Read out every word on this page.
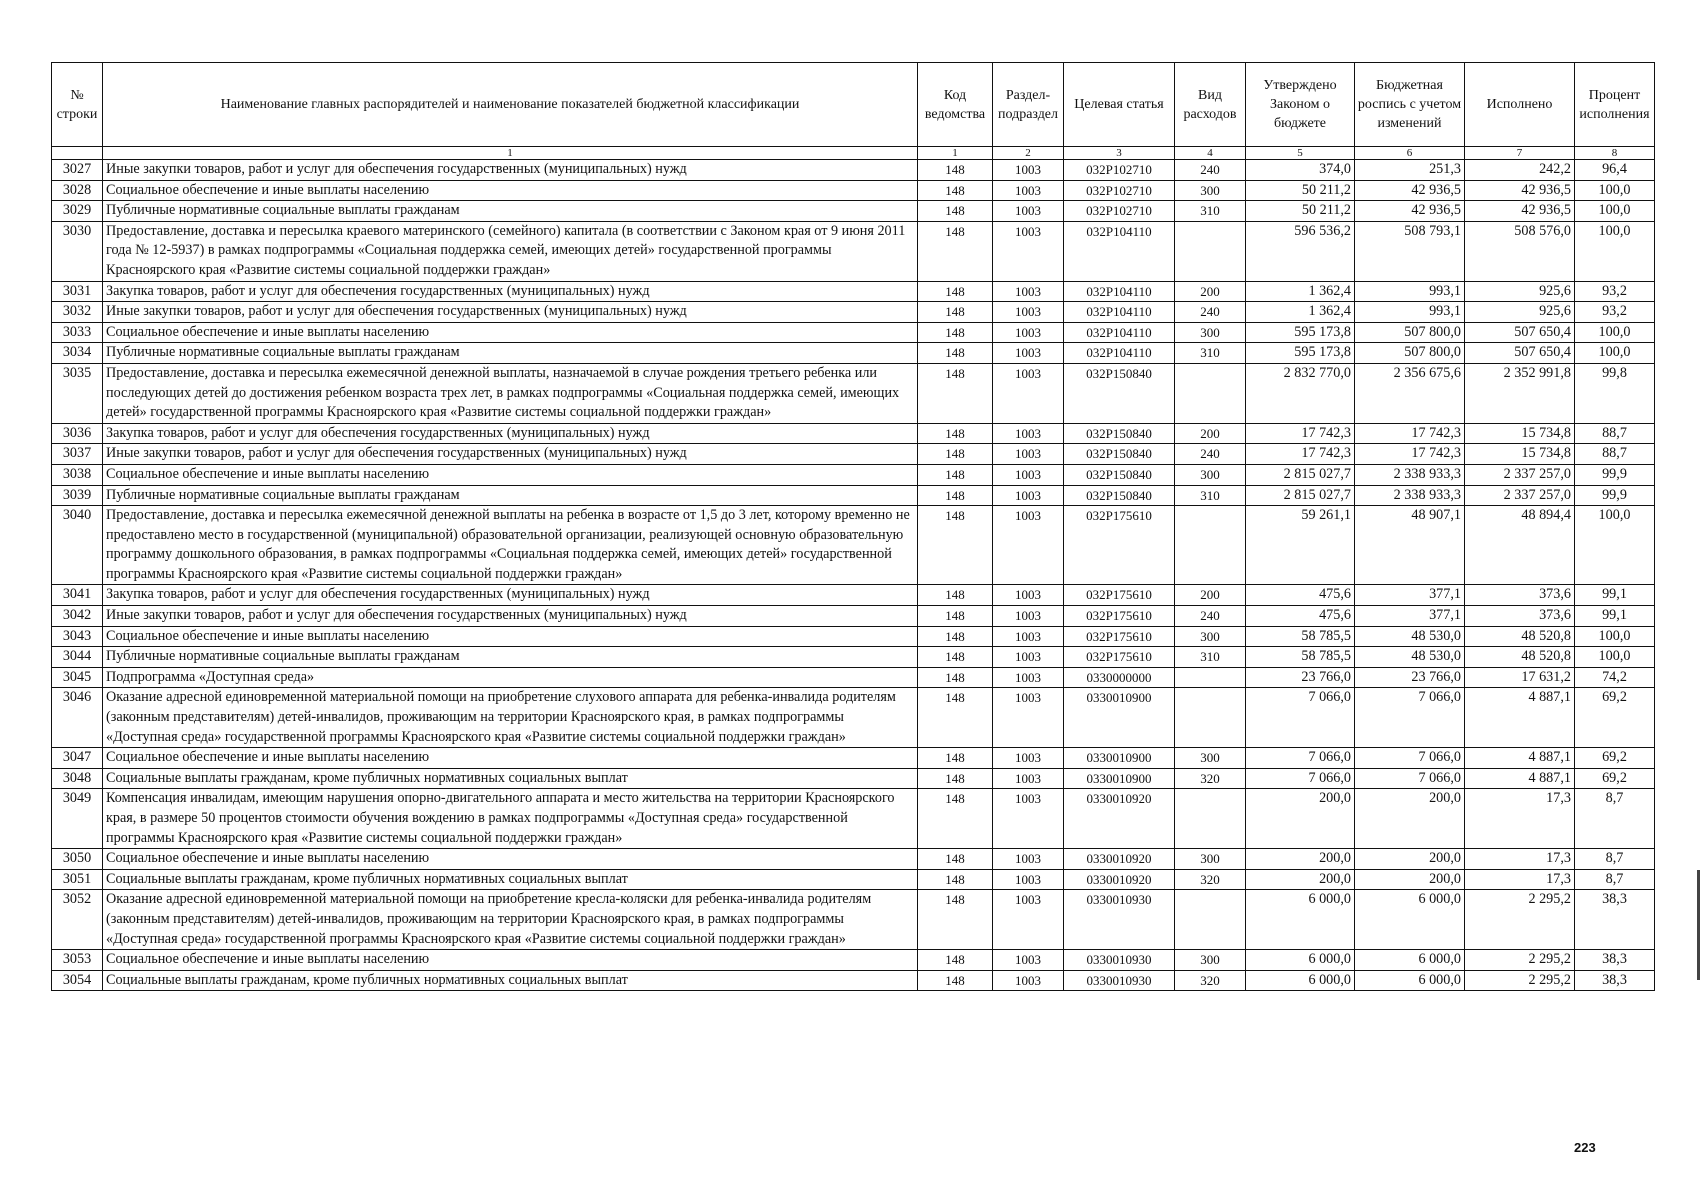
№ строки	Наименование главных распорядителей и наименование показателей бюджетной классификации	Код ведомства	Раздел-подраздел	Целевая статья	Вид расходов	Утверждено Законом о бюджете	Бюджетная роспись с учетом изменений	Исполнено	Процент исполнения
	1	1	2	3	4	5	6	7	8
3027	Иные закупки товаров, работ и услуг для обеспечения государственных (муниципальных) нужд	148	1003	032P102710	240	374,0	251,3	242,2	96,4
3028	Социальное обеспечение и иные выплаты населению	148	1003	032P102710	300	50 211,2	42 936,5	42 936,5	100,0
3029	Публичные нормативные социальные выплаты гражданам	148	1003	032P102710	310	50 211,2	42 936,5	42 936,5	100,0
3030	Предоставление, доставка и пересылка краевого материнского (семейного) капитала (в соответствии с Законом края от 9 июня 2011 года № 12-5937) в рамках подпрограммы «Социальная поддержка семей, имеющих детей» государственной программы Красноярского края «Развитие системы социальной поддержки граждан»	148	1003	032P104110		596 536,2	508 793,1	508 576,0	100,0
3031	Закупка товаров, работ и услуг для обеспечения государственных (муниципальных) нужд	148	1003	032P104110	200	1 362,4	993,1	925,6	93,2
3032	Иные закупки товаров, работ и услуг для обеспечения государственных (муниципальных) нужд	148	1003	032P104110	240	1 362,4	993,1	925,6	93,2
3033	Социальное обеспечение и иные выплаты населению	148	1003	032P104110	300	595 173,8	507 800,0	507 650,4	100,0
3034	Публичные нормативные социальные выплаты гражданам	148	1003	032P104110	310	595 173,8	507 800,0	507 650,4	100,0
3035	Предоставление, доставка и пересылка ежемесячной денежной выплаты, назначаемой в случае рождения третьего ребенка или последующих детей до достижения ребенком возраста трех лет, в рамках подпрограммы «Социальная поддержка семей, имеющих детей» государственной программы Красноярского края «Развитие системы социальной поддержки граждан»	148	1003	032P150840		2 832 770,0	2 356 675,6	2 352 991,8	99,8
3036	Закупка товаров, работ и услуг для обеспечения государственных (муниципальных) нужд	148	1003	032P150840	200	17 742,3	17 742,3	15 734,8	88,7
3037	Иные закупки товаров, работ и услуг для обеспечения государственных (муниципальных) нужд	148	1003	032P150840	240	17 742,3	17 742,3	15 734,8	88,7
3038	Социальное обеспечение и иные выплаты населению	148	1003	032P150840	300	2 815 027,7	2 338 933,3	2 337 257,0	99,9
3039	Публичные нормативные социальные выплаты гражданам	148	1003	032P150840	310	2 815 027,7	2 338 933,3	2 337 257,0	99,9
3040	Предоставление, доставка и пересылка ежемесячной денежной выплаты на ребенка в возрасте от 1,5 до 3 лет, которому временно не предоставлено место в государственной (муниципальной) образовательной организации, реализующей основную образовательную программу дошкольного образования, в рамках подпрограммы «Социальная поддержка семей, имеющих детей» государственной программы Красноярского края «Развитие системы социальной поддержки граждан»	148	1003	032P175610		59 261,1	48 907,1	48 894,4	100,0
3041	Закупка товаров, работ и услуг для обеспечения государственных (муниципальных) нужд	148	1003	032P175610	200	475,6	377,1	373,6	99,1
3042	Иные закупки товаров, работ и услуг для обеспечения государственных (муниципальных) нужд	148	1003	032P175610	240	475,6	377,1	373,6	99,1
3043	Социальное обеспечение и иные выплаты населению	148	1003	032P175610	300	58 785,5	48 530,0	48 520,8	100,0
3044	Публичные нормативные социальные выплаты гражданам	148	1003	032P175610	310	58 785,5	48 530,0	48 520,8	100,0
3045	Подпрограмма «Доступная среда»	148	1003	0330000000		23 766,0	23 766,0	17 631,2	74,2
3046	Оказание адресной единовременной материальной помощи на приобретение слухового аппарата для ребенка-инвалида родителям (законным представителям) детей-инвалидов, проживающим на территории Красноярского края, в рамках подпрограммы «Доступная среда» государственной программы Красноярского края «Развитие системы социальной поддержки граждан»	148	1003	0330010900		7 066,0	7 066,0	4 887,1	69,2
3047	Социальное обеспечение и иные выплаты населению	148	1003	0330010900	300	7 066,0	7 066,0	4 887,1	69,2
3048	Социальные выплаты гражданам, кроме публичных нормативных социальных выплат	148	1003	0330010900	320	7 066,0	7 066,0	4 887,1	69,2
3049	Компенсация инвалидам, имеющим нарушения опорно-двигательного аппарата и место жительства на территории Красноярского края, в размере 50 процентов стоимости обучения вождению в рамках подпрограммы «Доступная среда» государственной программы Красноярского края «Развитие системы социальной поддержки граждан»	148	1003	0330010920		200,0	200,0	17,3	8,7
3050	Социальное обеспечение и иные выплаты населению	148	1003	0330010920	300	200,0	200,0	17,3	8,7
3051	Социальные выплаты гражданам, кроме публичных нормативных социальных выплат	148	1003	0330010920	320	200,0	200,0	17,3	8,7
3052	Оказание адресной единовременной материальной помощи на приобретение кресла-коляски для ребенка-инвалида родителям (законным представителям) детей-инвалидов, проживающим на территории Красноярского края, в рамках подпрограммы «Доступная среда» государственной программы Красноярского края «Развитие системы социальной поддержки граждан»	148	1003	0330010930		6 000,0	6 000,0	2 295,2	38,3
3053	Социальное обеспечение и иные выплаты населению	148	1003	0330010930	300	6 000,0	6 000,0	2 295,2	38,3
3054	Социальные выплаты гражданам, кроме публичных нормативных социальных выплат	148	1003	0330010930	320	6 000,0	6 000,0	2 295,2	38,3
223
